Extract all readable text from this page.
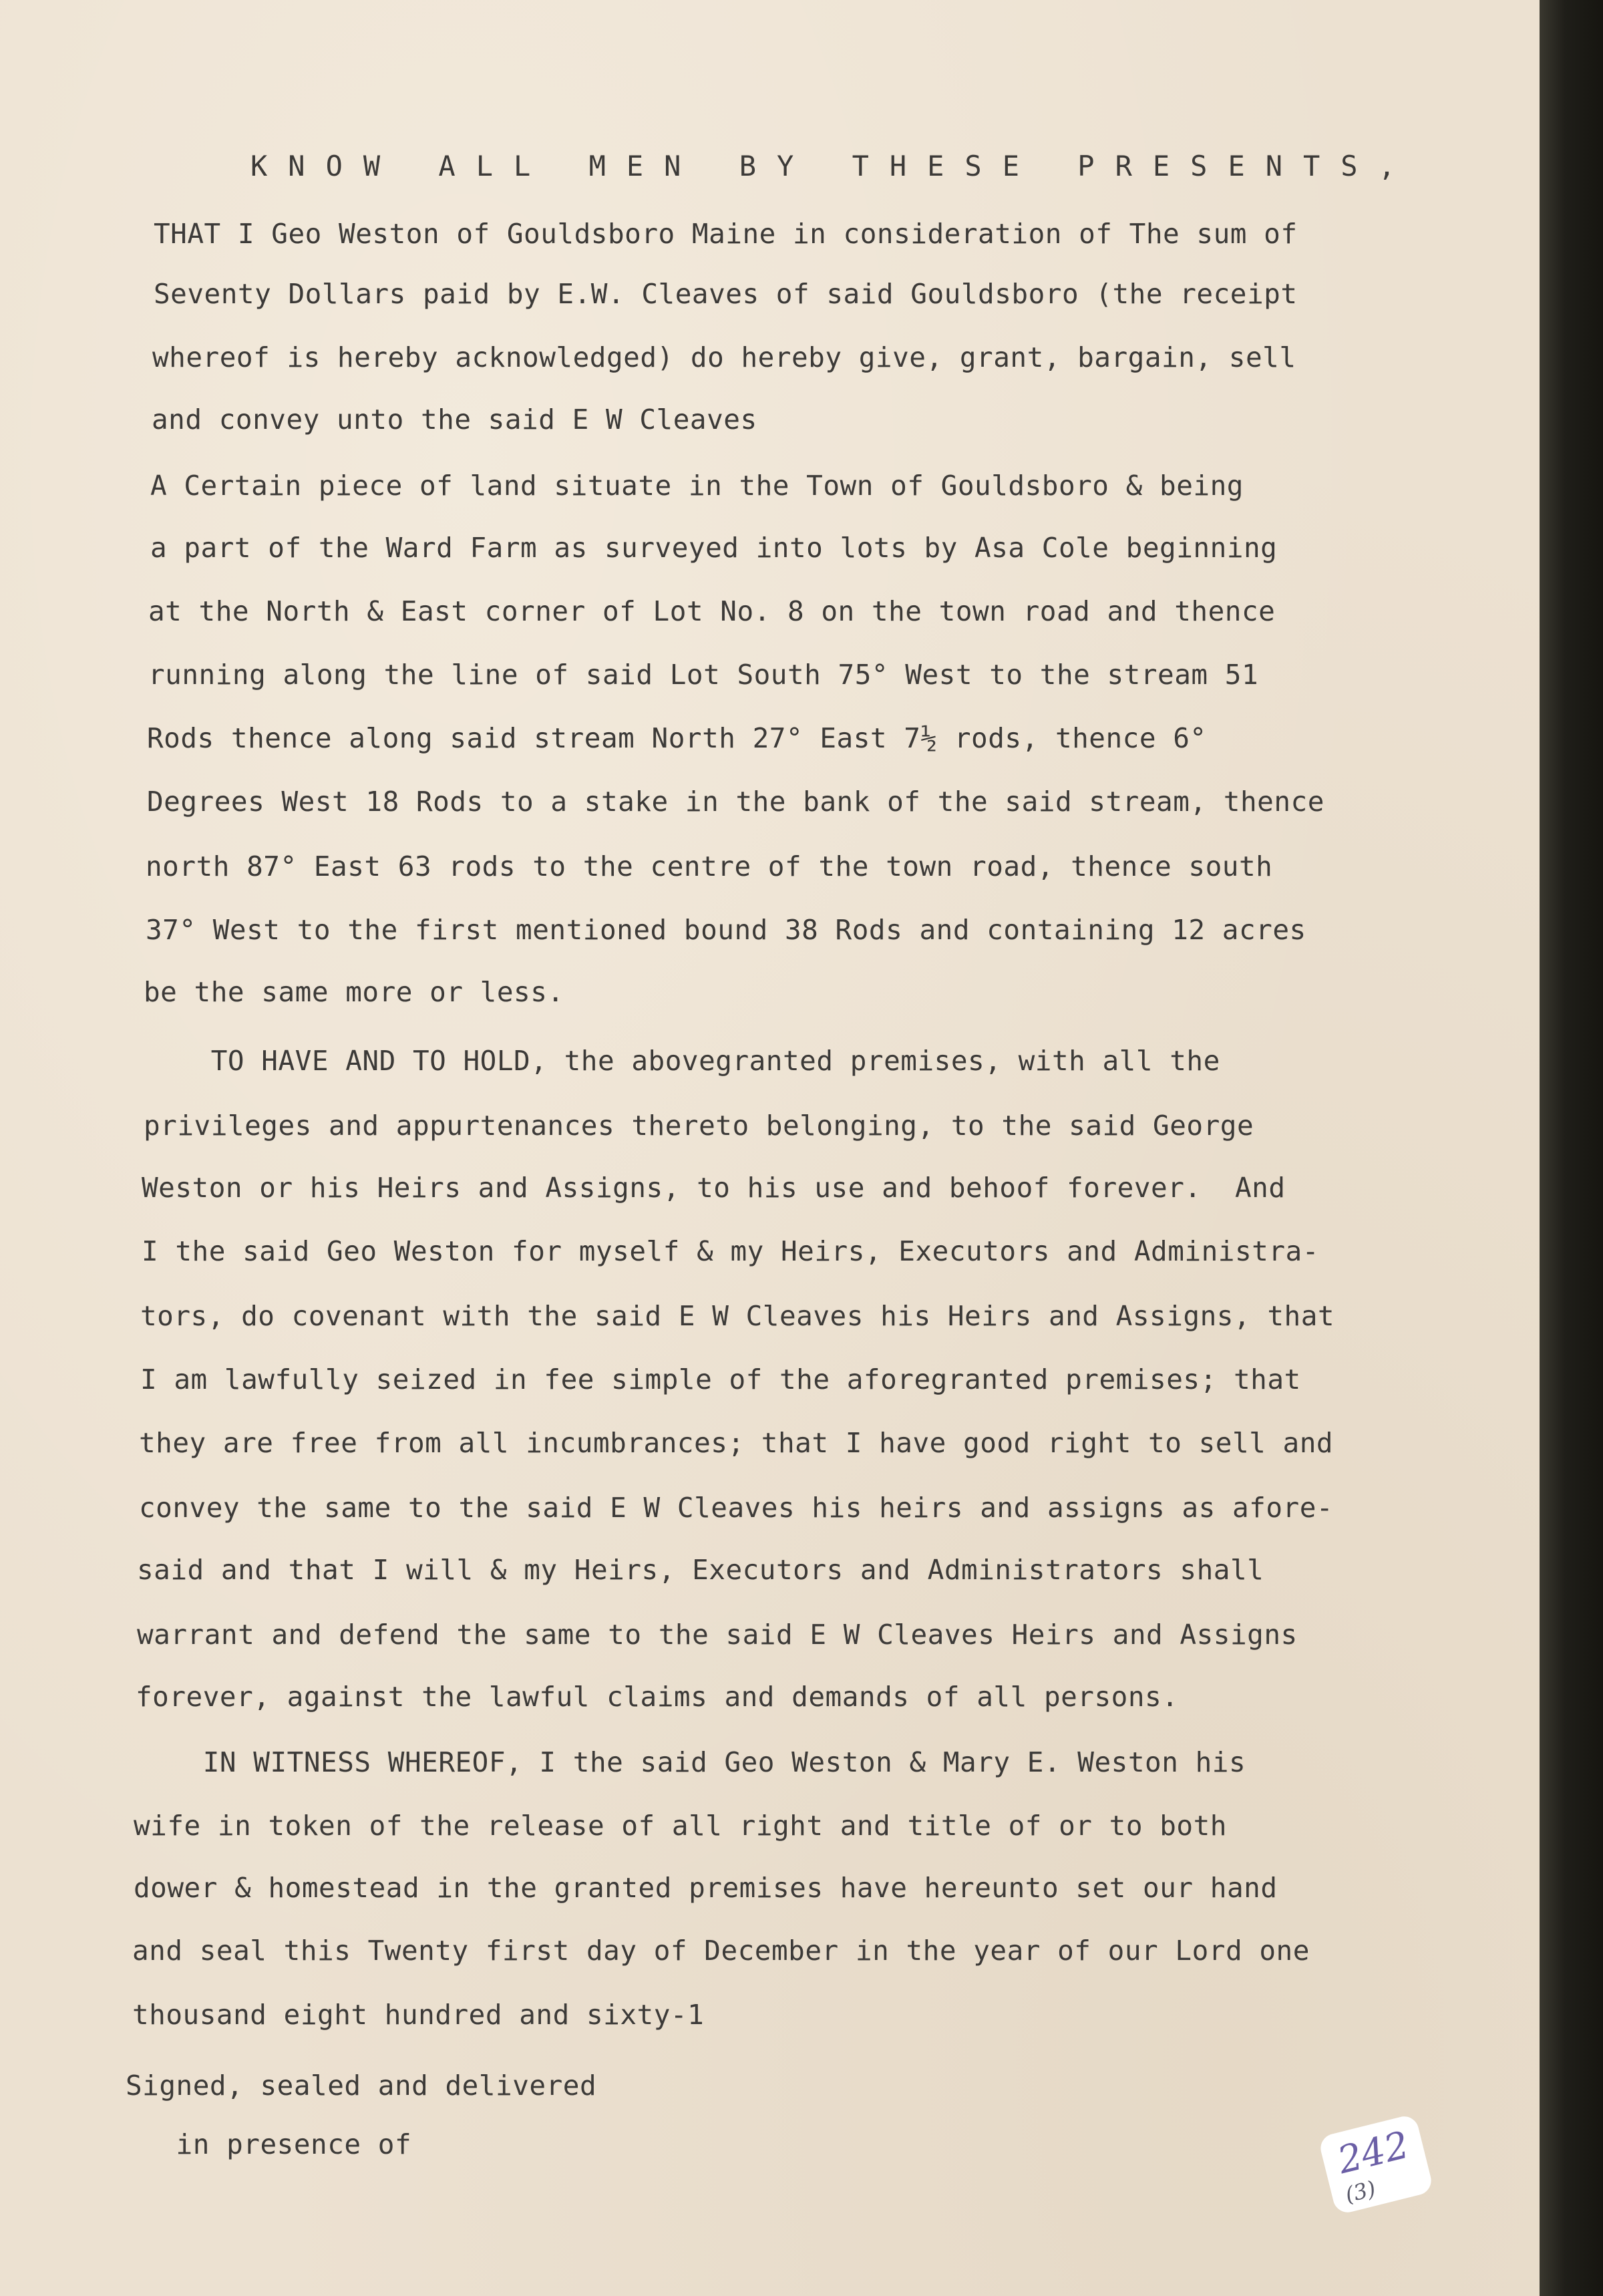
KNOW ALL MEN BY THESE PRESENTS,
THAT I Geo Weston of Gouldsboro Maine in consideration of The sum of
Seventy Dollars paid by E.W. Cleaves of said Gouldsboro (the receipt
whereof is hereby acknowledged) do hereby give, grant, bargain, sell
and convey unto the said E W Cleaves
A Certain piece of land situate in the Town of Gouldsboro & being
a part of the Ward Farm as surveyed into lots by Asa Cole beginning
at the North & East corner of Lot No. 8 on the town road and thence
running along the line of said Lot South 75° West to the stream 51
Rods thence along said stream North 27° East 7½ rods, thence 6°
Degrees West 18 Rods to a stake in the bank of the said stream, thence
north 87° East 63 rods to the centre of the town road, thence south
37° West to the first mentioned bound 38 Rods and containing 12 acres
be the same more or less.
TO HAVE AND TO HOLD, the abovegranted premises, with all the
privileges and appurtenances thereto belonging, to the said George
Weston or his Heirs and Assigns, to his use and behoof forever.  And
I the said Geo Weston for myself & my Heirs, Executors and Administra-
tors, do covenant with the said E W Cleaves his Heirs and Assigns, that
I am lawfully seized in fee simple of the aforegranted premises; that
they are free from all incumbrances; that I have good right to sell and
convey the same to the said E W Cleaves his heirs and assigns as afore-
said and that I will & my Heirs, Executors and Administrators shall
warrant and defend the same to the said E W Cleaves Heirs and Assigns
forever, against the lawful claims and demands of all persons.
IN WITNESS WHEREOF, I the said Geo Weston & Mary E. Weston his
wife in token of the release of all right and title of or to both
dower & homestead in the granted premises have hereunto set our hand
and seal this Twenty first day of December in the year of our Lord one
thousand eight hundred and sixty-1
Signed, sealed and delivered
in presence of	242
(3)
